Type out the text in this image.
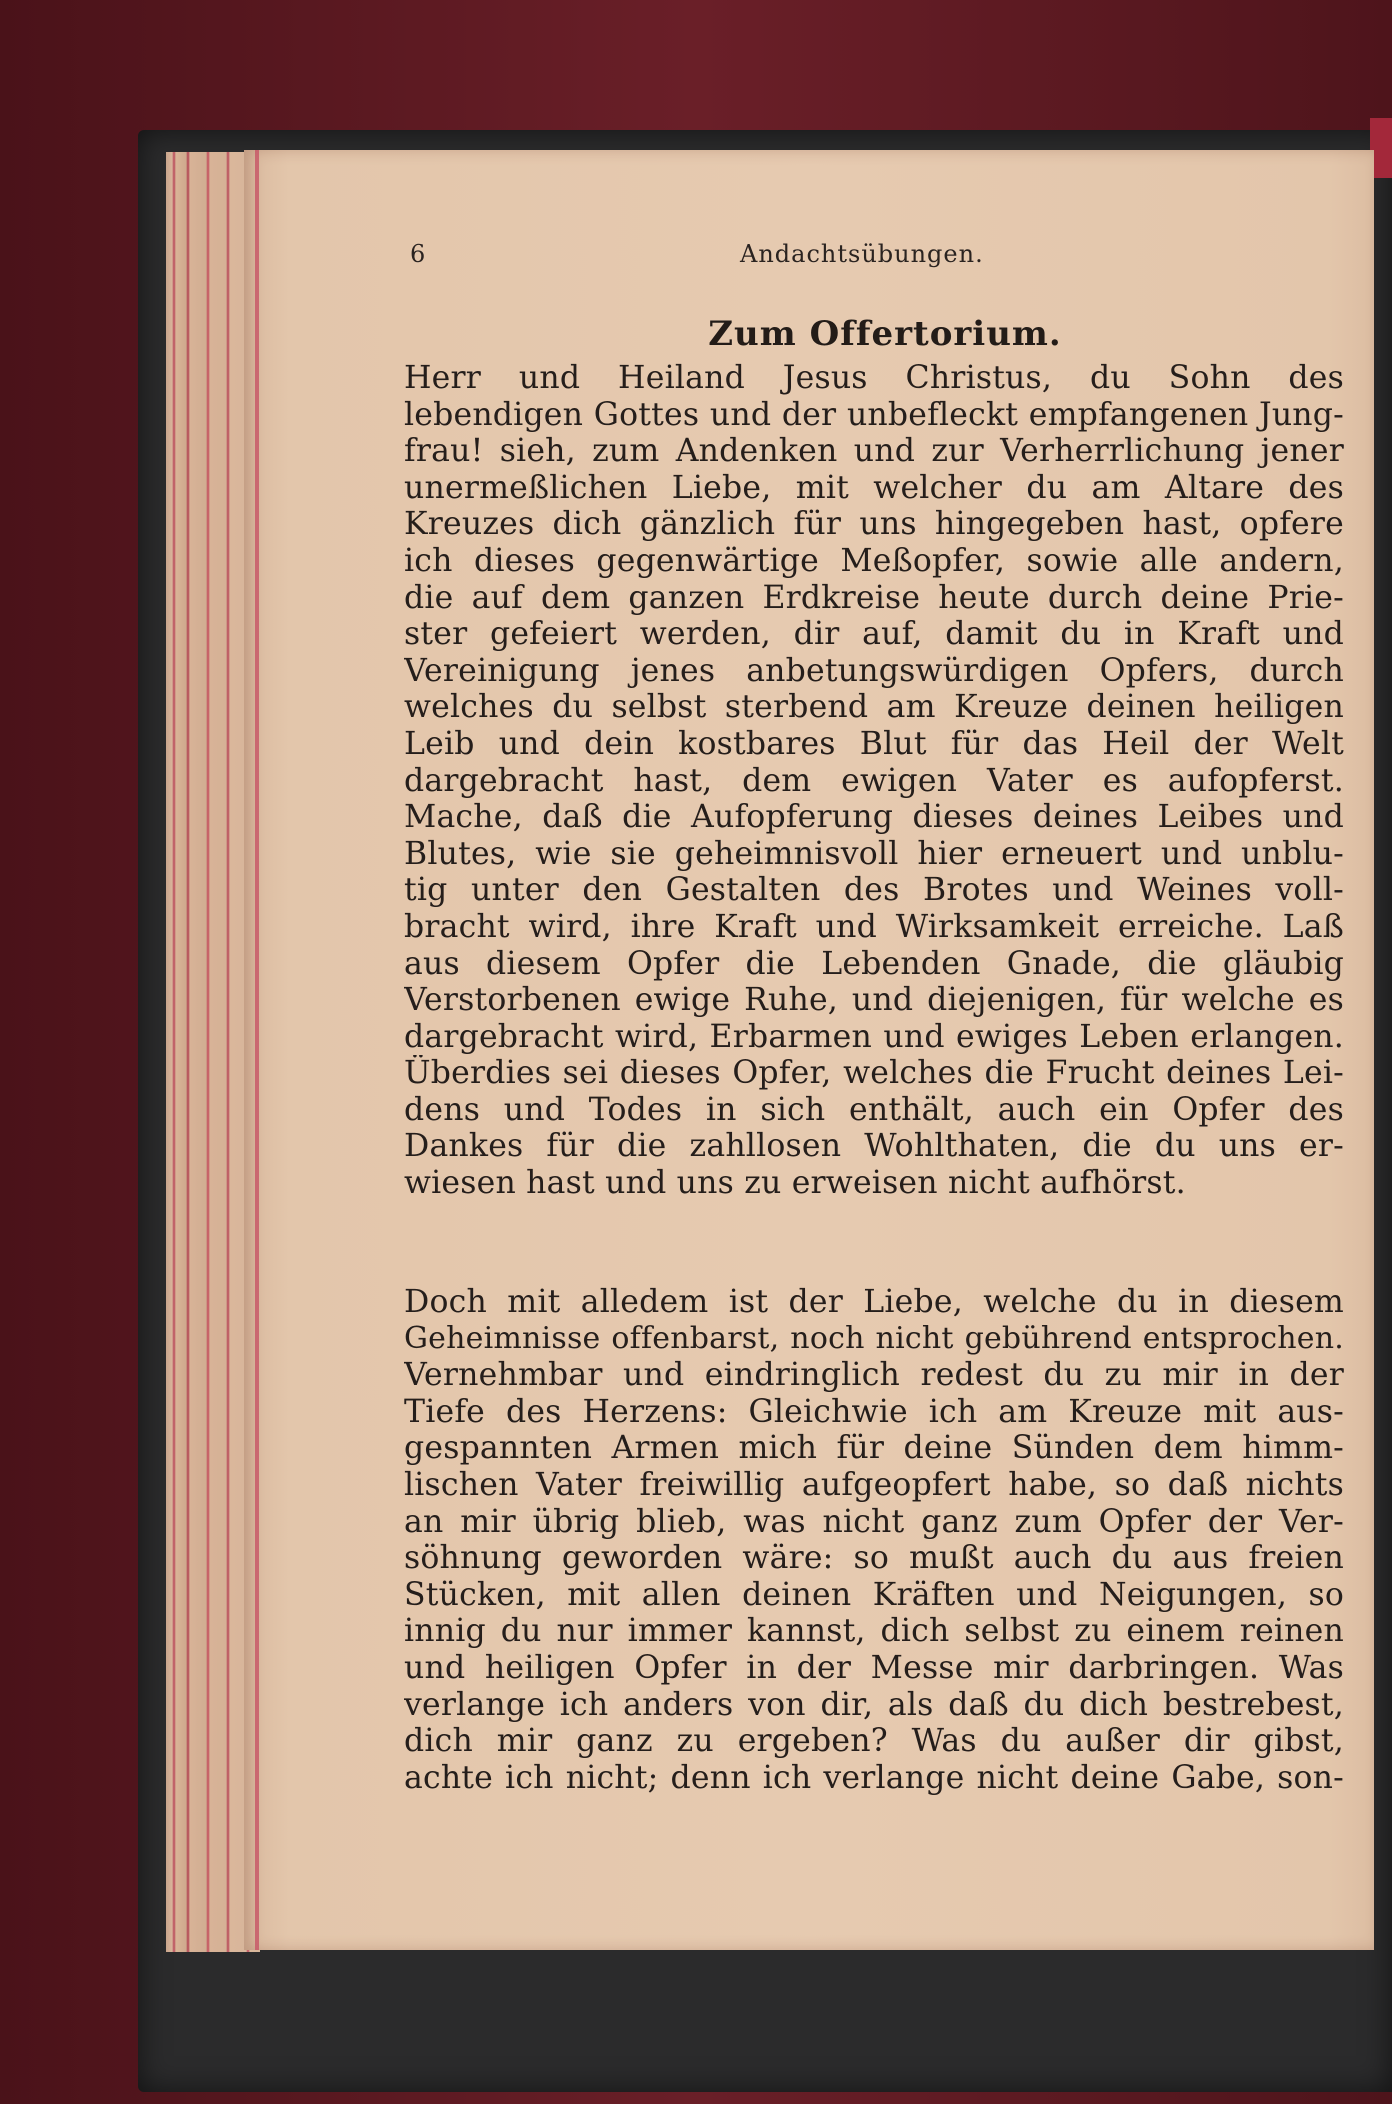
6	Andachtsübungen.
Zum Offertorium.
Herr und Heiland Jesus Christus, du Sohn des
lebendigen Gottes und der unbefleckt empfangenen Jung-
frau! sieh, zum Andenken und zur Verherrlichung jener
unermeßlichen Liebe, mit welcher du am Altare des
Kreuzes dich gänzlich für uns hingegeben hast, opfere
ich dieses gegenwärtige Meßopfer, sowie alle andern,
die auf dem ganzen Erdkreise heute durch deine Prie-
ster gefeiert werden, dir auf, damit du in Kraft und
Vereinigung jenes anbetungswürdigen Opfers, durch
welches du selbst sterbend am Kreuze deinen heiligen
Leib und dein kostbares Blut für das Heil der Welt
dargebracht hast, dem ewigen Vater es aufopferst.
Mache, daß die Aufopferung dieses deines Leibes und
Blutes, wie sie geheimnisvoll hier erneuert und unblu-
tig unter den Gestalten des Brotes und Weines voll-
bracht wird, ihre Kraft und Wirksamkeit erreiche. Laß
aus diesem Opfer die Lebenden Gnade, die gläubig
Verstorbenen ewige Ruhe, und diejenigen, für welche es
dargebracht wird, Erbarmen und ewiges Leben erlangen.
Überdies sei dieses Opfer, welches die Frucht deines Lei-
dens und Todes in sich enthält, auch ein Opfer des
Dankes für die zahllosen Wohlthaten, die du uns er-
wiesen hast und uns zu erweisen nicht aufhörst.
Doch mit alledem ist der Liebe, welche du in diesem
Geheimnisse offenbarst, noch nicht gebührend entsprochen.
Vernehmbar und eindringlich redest du zu mir in der
Tiefe des Herzens: Gleichwie ich am Kreuze mit aus-
gespannten Armen mich für deine Sünden dem himm-
lischen Vater freiwillig aufgeopfert habe, so daß nichts
an mir übrig blieb, was nicht ganz zum Opfer der Ver-
söhnung geworden wäre: so mußt auch du aus freien
Stücken, mit allen deinen Kräften und Neigungen, so
innig du nur immer kannst, dich selbst zu einem reinen
und heiligen Opfer in der Messe mir darbringen. Was
verlange ich anders von dir, als daß du dich bestrebest,
dich mir ganz zu ergeben? Was du außer dir gibst,
achte ich nicht; denn ich verlange nicht deine Gabe, son-
